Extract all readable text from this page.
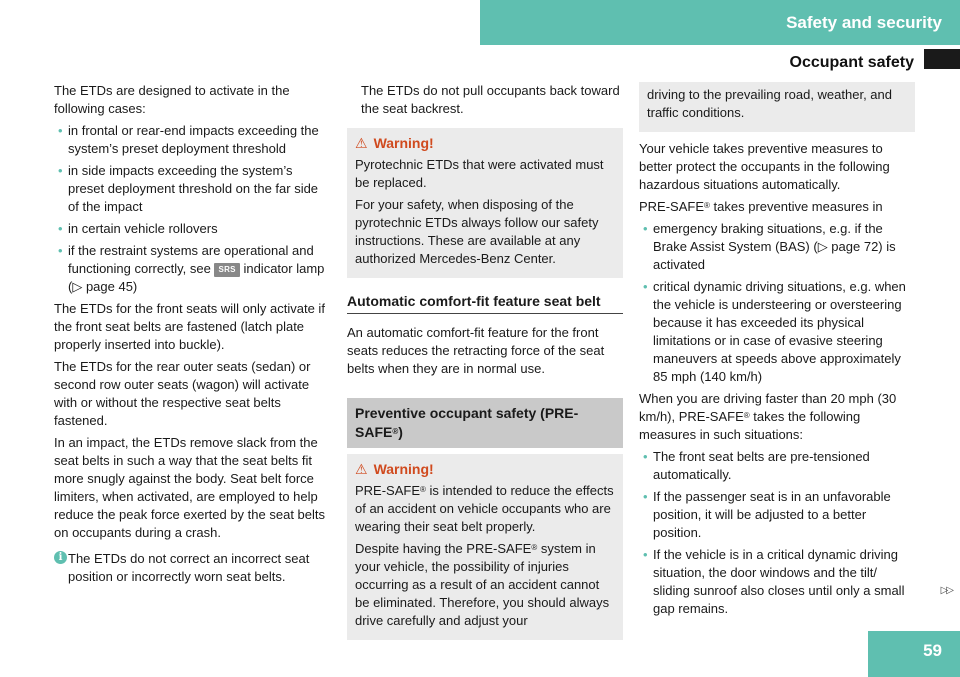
Safety and security
Occupant safety

The ETDs are designed to activate in the following cases:

• in frontal or rear-end impacts exceeding the system’s preset deployment threshold
• in side impacts exceeding the system’s preset deployment threshold on the far side of the impact
• in certain vehicle rollovers
• if the restraint systems are operational and functioning correctly, see SRS indicator lamp (▷ page 45)

The ETDs for the front seats will only activate if the front seat belts are fastened (latch plate properly inserted into buckle).

The ETDs for the rear outer seats (sedan) or second row outer seats (wagon) will activate with or without the respective seat belts fastened.

In an impact, the ETDs remove slack from the seat belts in such a way that the seat belts fit more snugly against the body. Seat belt force limiters, when activated, are employed to help reduce the peak force exerted by the seat belts on occupants during a crash.

i The ETDs do not correct an incorrect seat position or incorrectly worn seat belts.

The ETDs do not pull occupants back toward the seat backrest.

⚠ Warning!

Pyrotechnic ETDs that were activated must be replaced.

For your safety, when disposing of the pyrotechnic ETDs always follow our safety instructions. These are available at any authorized Mercedes-Benz Center.

Automatic comfort-fit feature seat belt

An automatic comfort-fit feature for the front seats reduces the retracting force of the seat belts when they are in normal use.

Preventive occupant safety (PRE-SAFE®)
⚠ Warning!

PRE-SAFE® is intended to reduce the effects of an accident on vehicle occupants who are wearing their seat belt properly.

Despite having the PRE-SAFE® system in your vehicle, the possibility of injuries occurring as a result of an accident cannot be eliminated. Therefore, you should always drive carefully and adjust your

driving to the prevailing road, weather, and traffic conditions.

Your vehicle takes preventive measures to better protect the occupants in the following hazardous situations automatically.

PRE-SAFE® takes preventive measures in

• emergency braking situations, e.g. if the Brake Assist System (BAS) (▷ page 72) is activated
• critical dynamic driving situations, e.g. when the vehicle is understeering or oversteering because it has exceeded its physical limitations or in case of evasive steering maneuvers at speeds above approximately 85 mph (140 km/h)

When you are driving faster than 20 mph (30 km/h), PRE-SAFE® takes the following measures in such situations:

• The front seat belts are pre-tensioned automatically.
• If the passenger seat is in an unfavorable position, it will be adjusted to a better position.
• If the vehicle is in a critical dynamic driving situation, the door windows and the tilt/ sliding sunroof also closes until only a small gap remains.
▷▷
59
